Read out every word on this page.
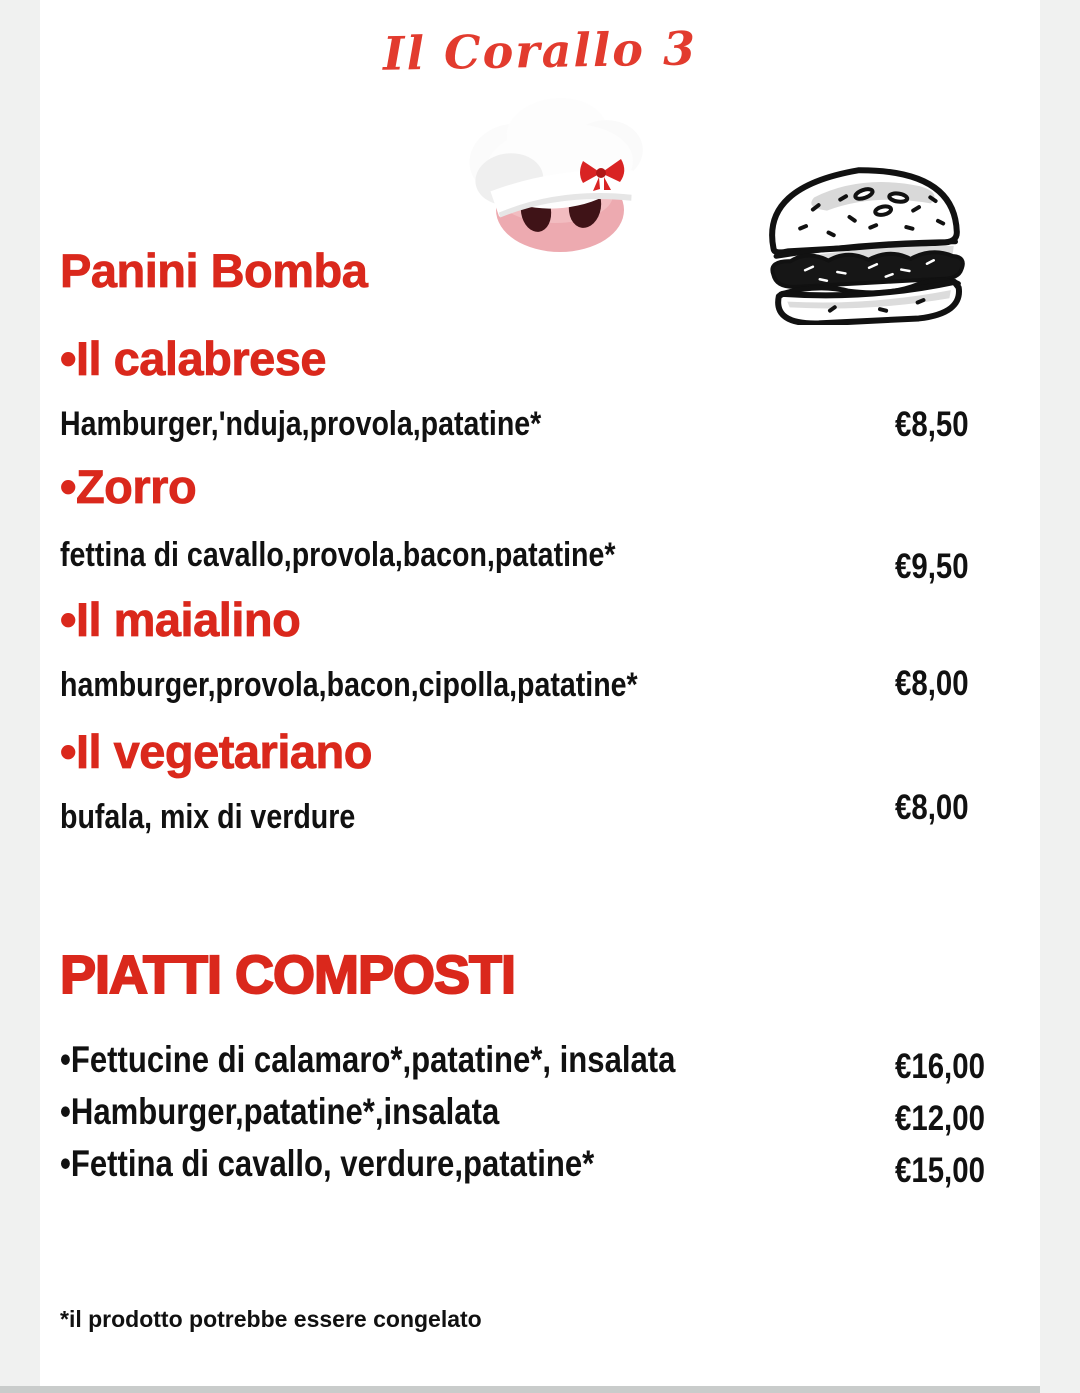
Il Corallo 3
Panini Bomba
•Il calabrese
Hamburger,'nduja,provola,patatine*	€8,50
•Zorro
fettina di cavallo,provola,bacon,patatine*	€9,50
•Il maialino
hamburger,provola,bacon,cipolla,patatine*	€8,00
•Il vegetariano
bufala, mix di verdure	€8,00
PIATTI COMPOSTI
•Fettucine di calamaro*,patatine*, insalata	€16,00
•Hamburger,patatine*,insalata	€12,00
•Fettina di cavallo, verdure,patatine*	€15,00
*il prodotto potrebbe essere congelato
